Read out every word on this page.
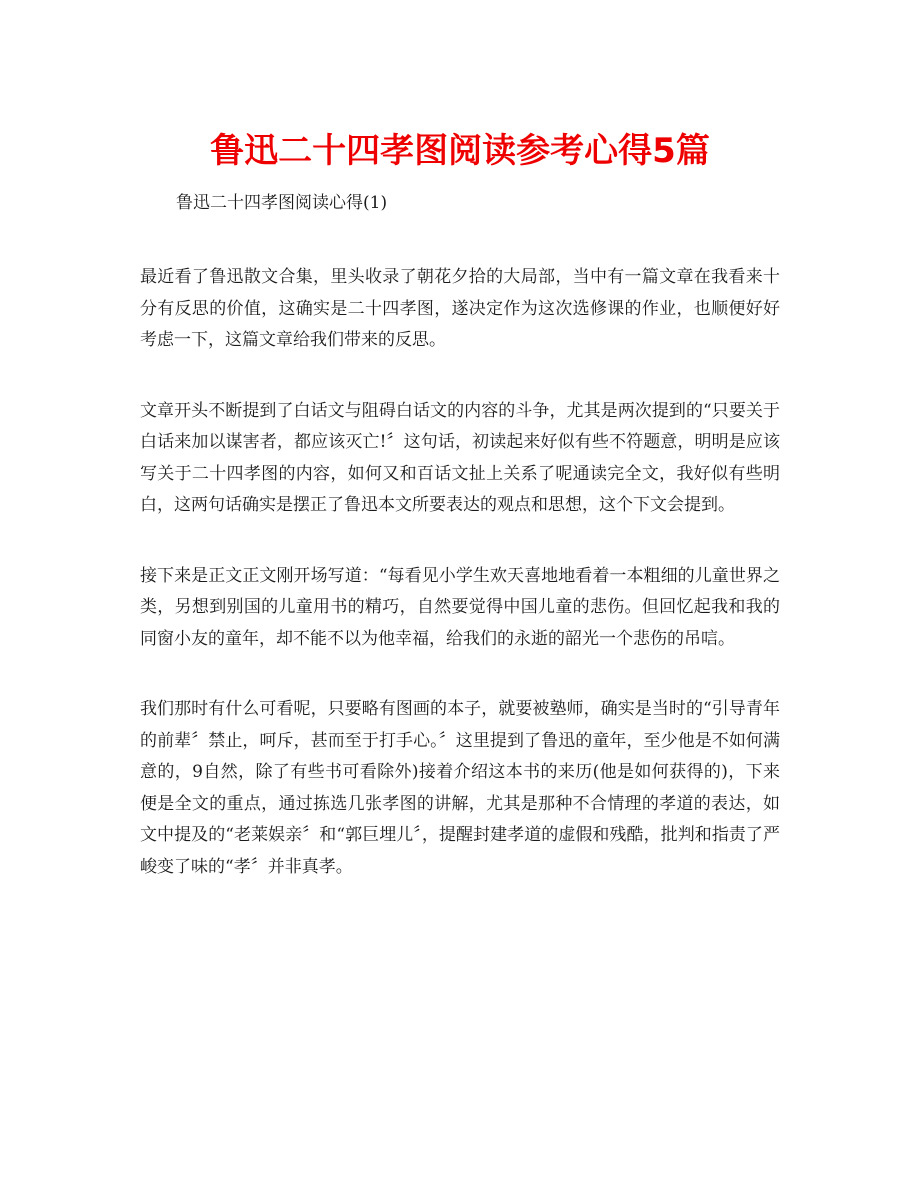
鲁迅二十四孝图阅读参考心得5篇

鲁迅二十四孝图阅读心得(1)

最近看了鲁迅散文合集，里头收录了朝花夕拾的大局部，当中有一篇文章在我看来十分有反思的价值，这确实是二十四孝图，遂决定作为这次选修课的作业，也顺便好好考虑一下，这篇文章给我们带来的反思。

文章开头不断提到了白话文与阻碍白话文的内容的斗争，尤其是两次提到的“只要关于白话来加以谋害者，都应该灭亡!〞这句话，初读起来好似有些不符题意，明明是应该写关于二十四孝图的内容，如何又和百话文扯上关系了呢通读完全文，我好似有些明白，这两句话确实是摆正了鲁迅本文所要表达的观点和思想，这个下文会提到。

接下来是正文正文刚开场写道：“每看见小学生欢天喜地地看着一本粗细的儿童世界之类，另想到别国的儿童用书的精巧，自然要觉得中国儿童的悲伤。但回忆起我和我的同窗小友的童年，却不能不以为他幸福，给我们的永逝的韶光一个悲伤的吊唁。

我们那时有什么可看呢，只要略有图画的本子，就要被塾师，确实是当时的“引导青年的前辈〞禁止，呵斥，甚而至于打手心。〞这里提到了鲁迅的童年，至少他是不如何满意的，9自然，除了有些书可看除外)接着介绍这本书的来历(他是如何获得的)，下来便是全文的重点，通过拣选几张孝图的讲解，尤其是那种不合情理的孝道的表达，如文中提及的“老莱娱亲〞和“郭巨埋儿〞，提醒封建孝道的虚假和残酷，批判和指责了严峻变了味的“孝〞并非真孝。
